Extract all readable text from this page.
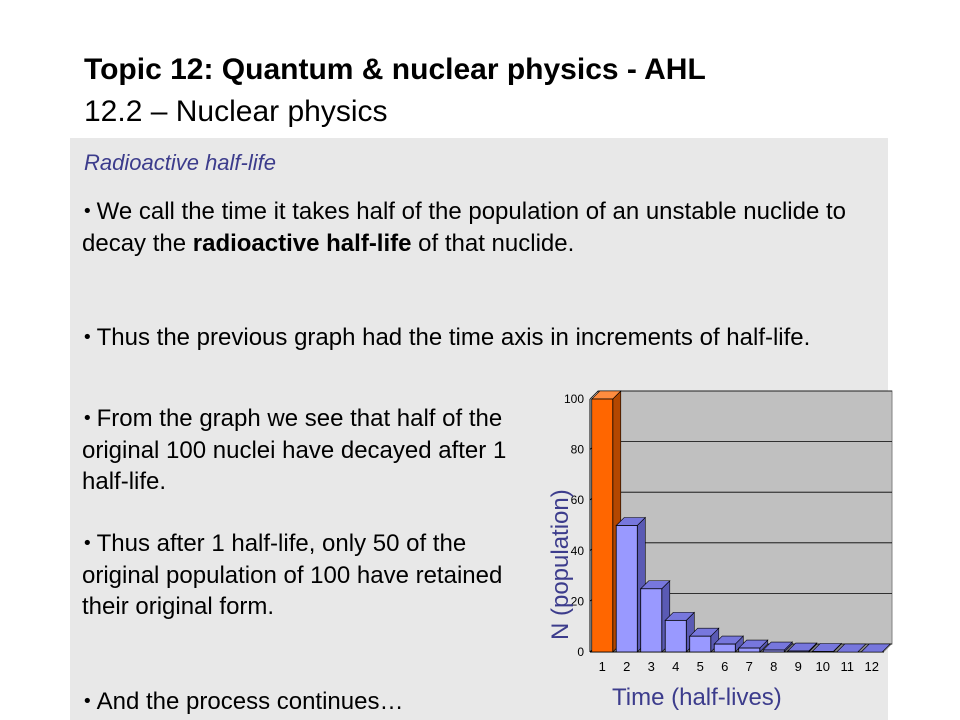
Topic 12: Quantum & nuclear physics - AHL
12.2 – Nuclear physics
Radioactive half-life
• We call the time it takes half of the population of an unstable nuclide to decay the radioactive half-life of that nuclide.
• Thus the previous graph had the time axis in increments of half-life.
• From the graph we see that half of the original 100 nuclei have decayed after 1 half-life.
• Thus after 1 half-life, only 50 of the original population of 100 have retained their original form.
• And the process continues…
0
20
40
60
80
100
1 2 3 4 5 6 7 8 9 10 11 12
Time (half-lives)
N (population)
